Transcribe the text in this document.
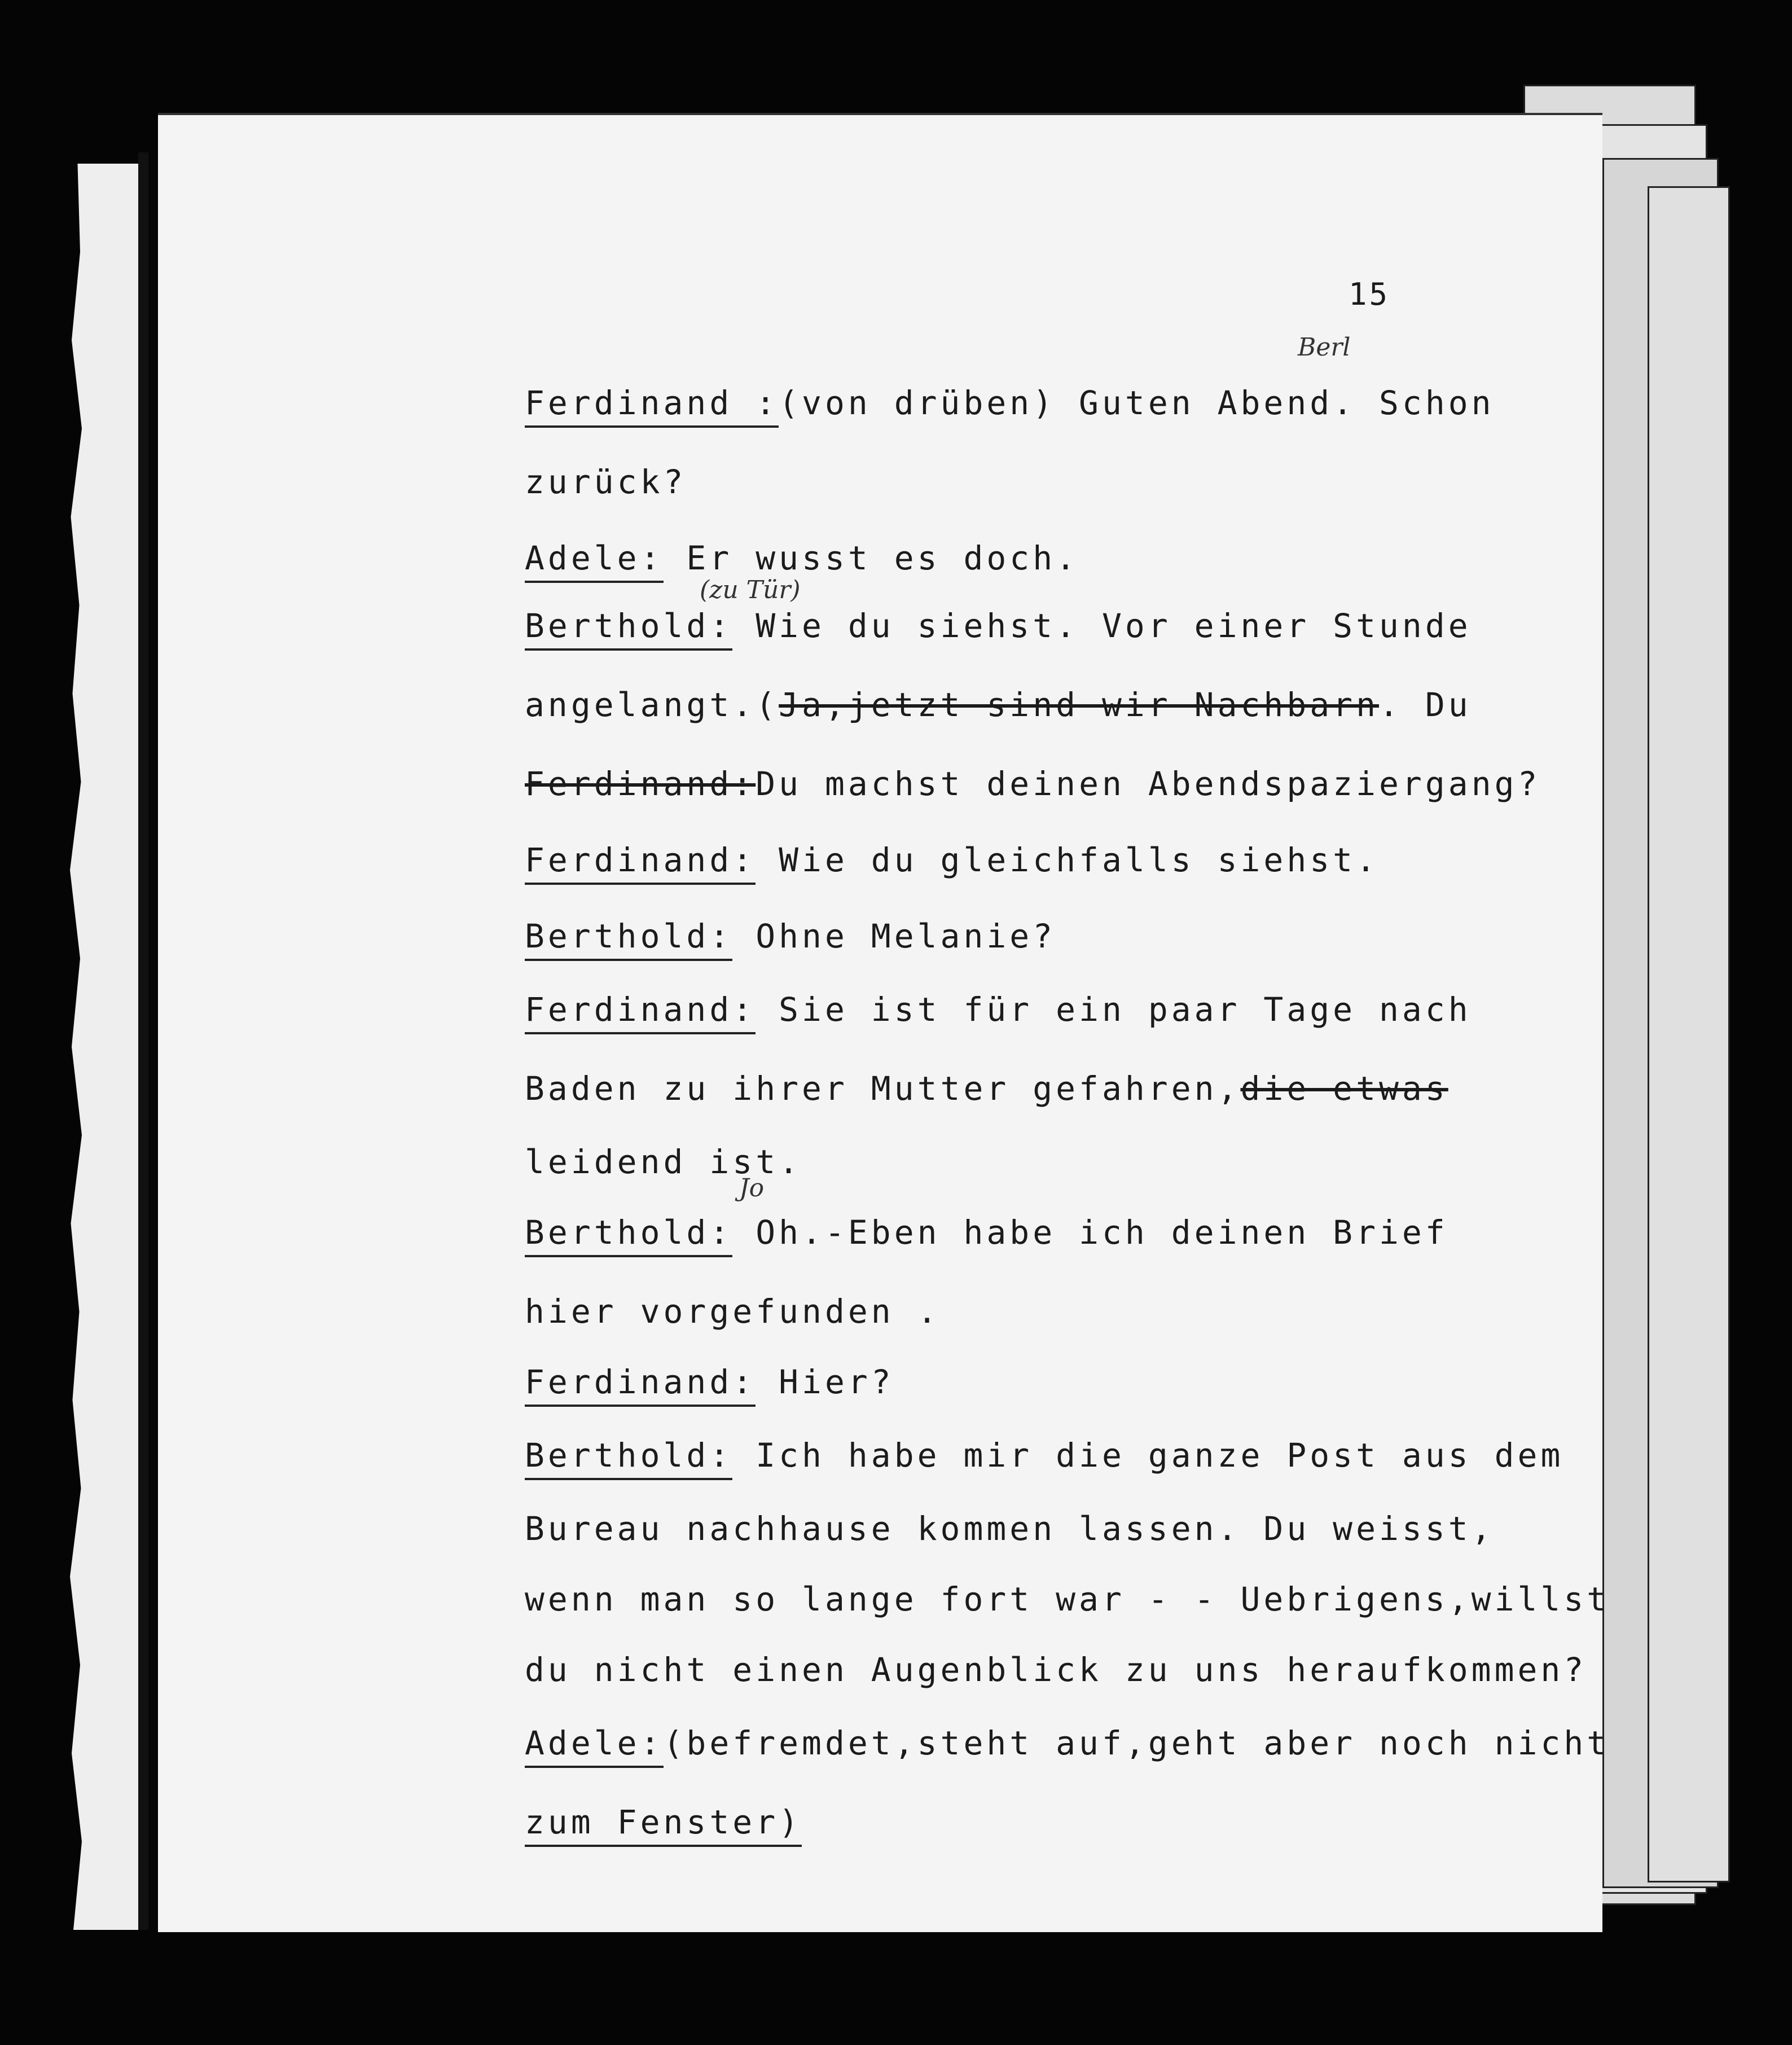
15
Ferdinand :(von drüben) Guten Abend. Schon
zurück?
Adele: Er wusst es doch.
Berthold: Wie du siehst. Vor einer Stunde
angelangt.(Ja,jetzt sind wir Nachbarn. Du
Ferdinand:Du machst deinen Abendspaziergang?
Ferdinand: Wie du gleichfalls siehst.
Berthold: Ohne Melanie?
Ferdinand: Sie ist für ein paar Tage nach
Baden zu ihrer Mutter gefahren,die etwas
leidend ist.
Berthold: Oh.-Eben habe ich deinen Brief
hier vorgefunden .
Ferdinand: Hier?
Berthold: Ich habe mir die ganze Post aus dem
Bureau nachhause kommen lassen. Du weisst,
wenn man so lange fort war - - Uebrigens,willst
du nicht einen Augenblick zu uns heraufkommen?
Adele:(befremdet,steht auf,geht aber noch nicht
zum Fenster)
Berl
(zu Tür)
Jo
